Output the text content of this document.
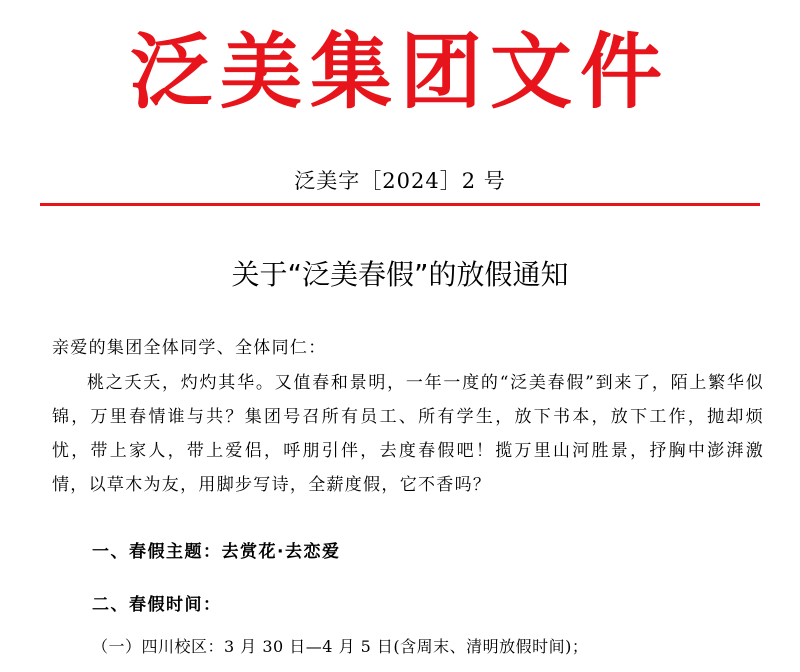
泛美集团文件
泛美字［2024］2 号
关于“泛美春假”的放假通知
亲爱的集团全体同学、全体同仁：
桃之夭夭，灼灼其华。又值春和景明，一年一度的“泛美春假”到来了，陌上繁华似锦，万里春情谁与共？集团号召所有员工、所有学生，放下书本，放下工作，抛却烦忧，带上家人，带上爱侣，呼朋引伴，去度春假吧！揽万里山河胜景，抒胸中澎湃激情，以草木为友，用脚步写诗，全薪度假，它不香吗？
一、春假主题：去赏花·去恋爱
二、春假时间：
（一）四川校区：3 月 30 日—4 月 5 日(含周末、清明放假时间)；
